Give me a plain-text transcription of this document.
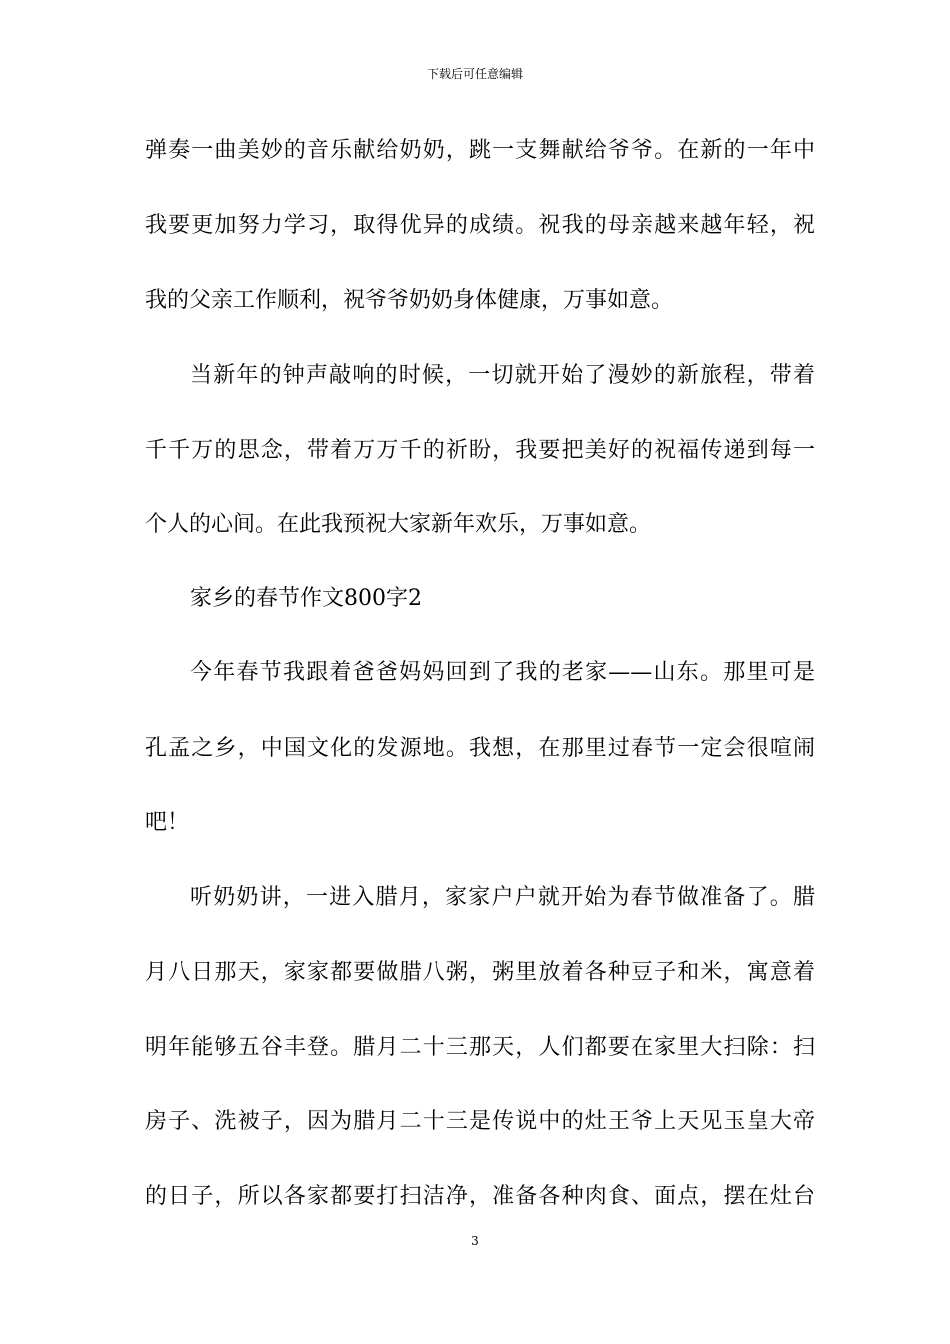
下载后可任意编辑
弹奏一曲美妙的音乐献给奶奶，跳一支舞献给爷爷。在新的一年中
我要更加努力学习，取得优异的成绩。祝我的母亲越来越年轻，祝
我的父亲工作顺利，祝爷爷奶奶身体健康，万事如意。
当新年的钟声敲响的时候，一切就开始了漫妙的新旅程，带着
千千万的思念，带着万万千的祈盼，我要把美好的祝福传递到每一
个人的心间。在此我预祝大家新年欢乐，万事如意。
家乡的春节作文800字2
今年春节我跟着爸爸妈妈回到了我的老家——山东。那里可是
孔孟之乡，中国文化的发源地。我想，在那里过春节一定会很喧闹
吧！
听奶奶讲，一进入腊月，家家户户就开始为春节做准备了。腊
月八日那天，家家都要做腊八粥，粥里放着各种豆子和米，寓意着
明年能够五谷丰登。腊月二十三那天，人们都要在家里大扫除：扫
房子、洗被子，因为腊月二十三是传说中的灶王爷上天见玉皇大帝
的日子，所以各家都要打扫洁净，准备各种肉食、面点，摆在灶台
3
